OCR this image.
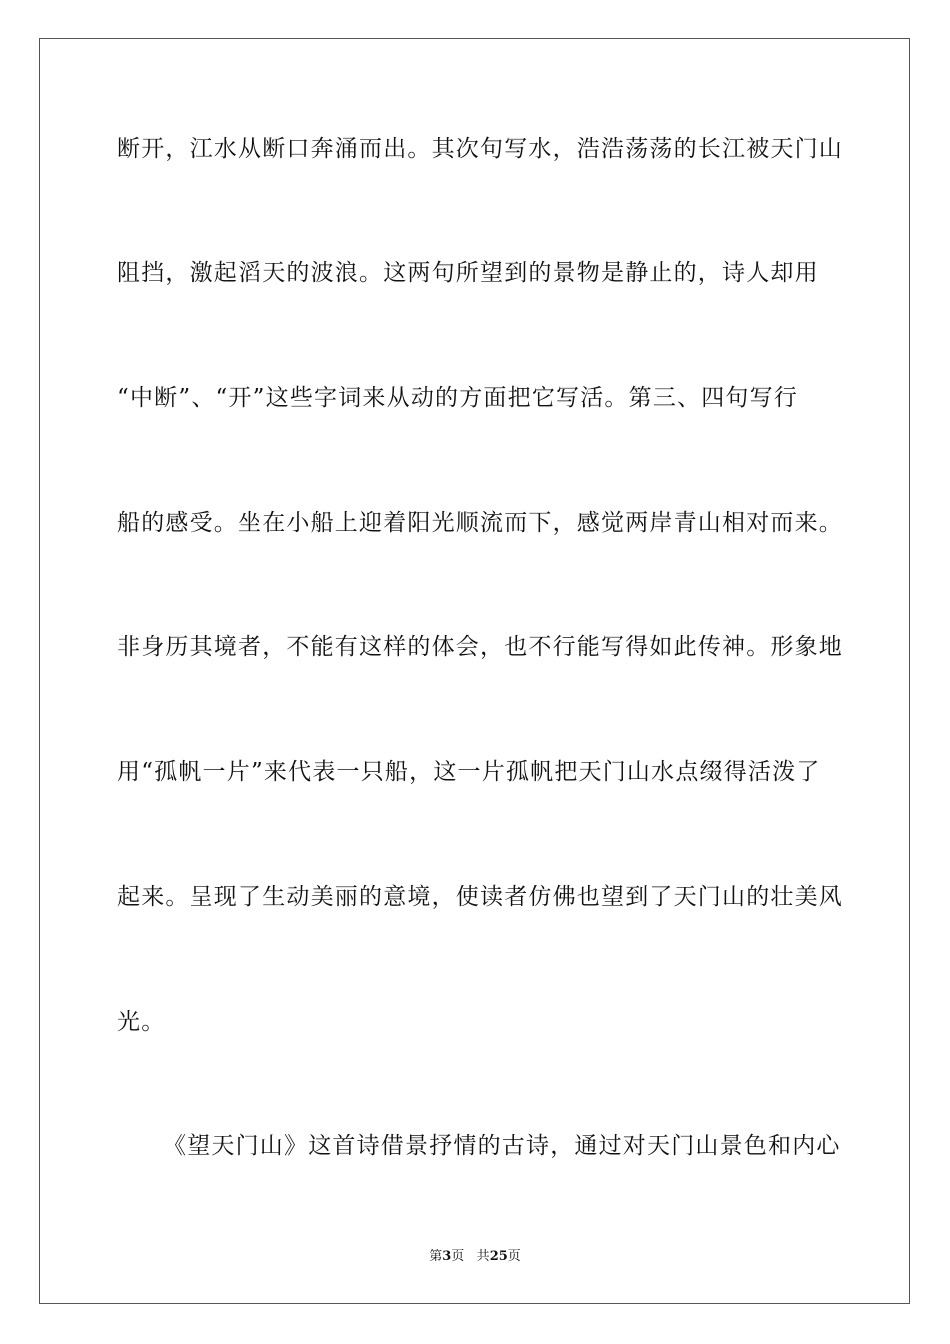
断开，江水从断口奔涌而出。其次句写水，浩浩荡荡的长江被天门山

阻挡，激起滔天的波浪。这两句所望到的景物是静止的，诗人却用

“中断”、“开”这些字词来从动的方面把它写活。第三、四句写行

船的感受。坐在小船上迎着阳光顺流而下，感觉两岸青山相对而来。

非身历其境者，不能有这样的体会，也不行能写得如此传神。形象地

用“孤帆一片”来代表一只船，这一片孤帆把天门山水点缀得活泼了

起来。呈现了生动美丽的意境，使读者仿佛也望到了天门山的壮美风

光。

《望天门山》这首诗借景抒情的古诗，通过对天门山景色和内心

第3页 共25页
